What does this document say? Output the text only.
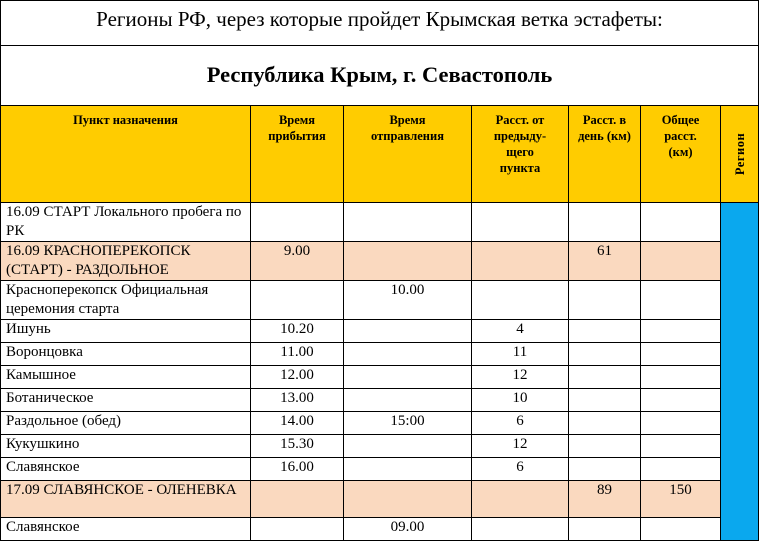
Регионы РФ, через которые пройдет Крымская ветка эстафеты:						
Республика Крым, г. Севастополь						
Пункт назначения	Время прибытия	Время отправления	Расст. от предыду-щего пункта	Расст. в день (км)	Общее расст. (км)	Регион

16.09 СТАРТ Локального пробега по РК						
16.09 КРАСНОПЕРЕКОПСК (СТАРТ) - РАЗДОЛЬНОЕ	9.00			61		
Красноперекопск Официальная церемония старта		10.00				
Ишунь	10.20		4			
Воронцовка	11.00		11			
Камышное	12.00		12			
Ботаническое	13.00		10			
Раздольное (обед)	14.00	15:00	6			
Кукушкино	15.30		12			
Славянское	16.00		6			
17.09 СЛАВЯНСКОЕ - ОЛЕНЕВКА				89	150	
Славянское		09.00				
